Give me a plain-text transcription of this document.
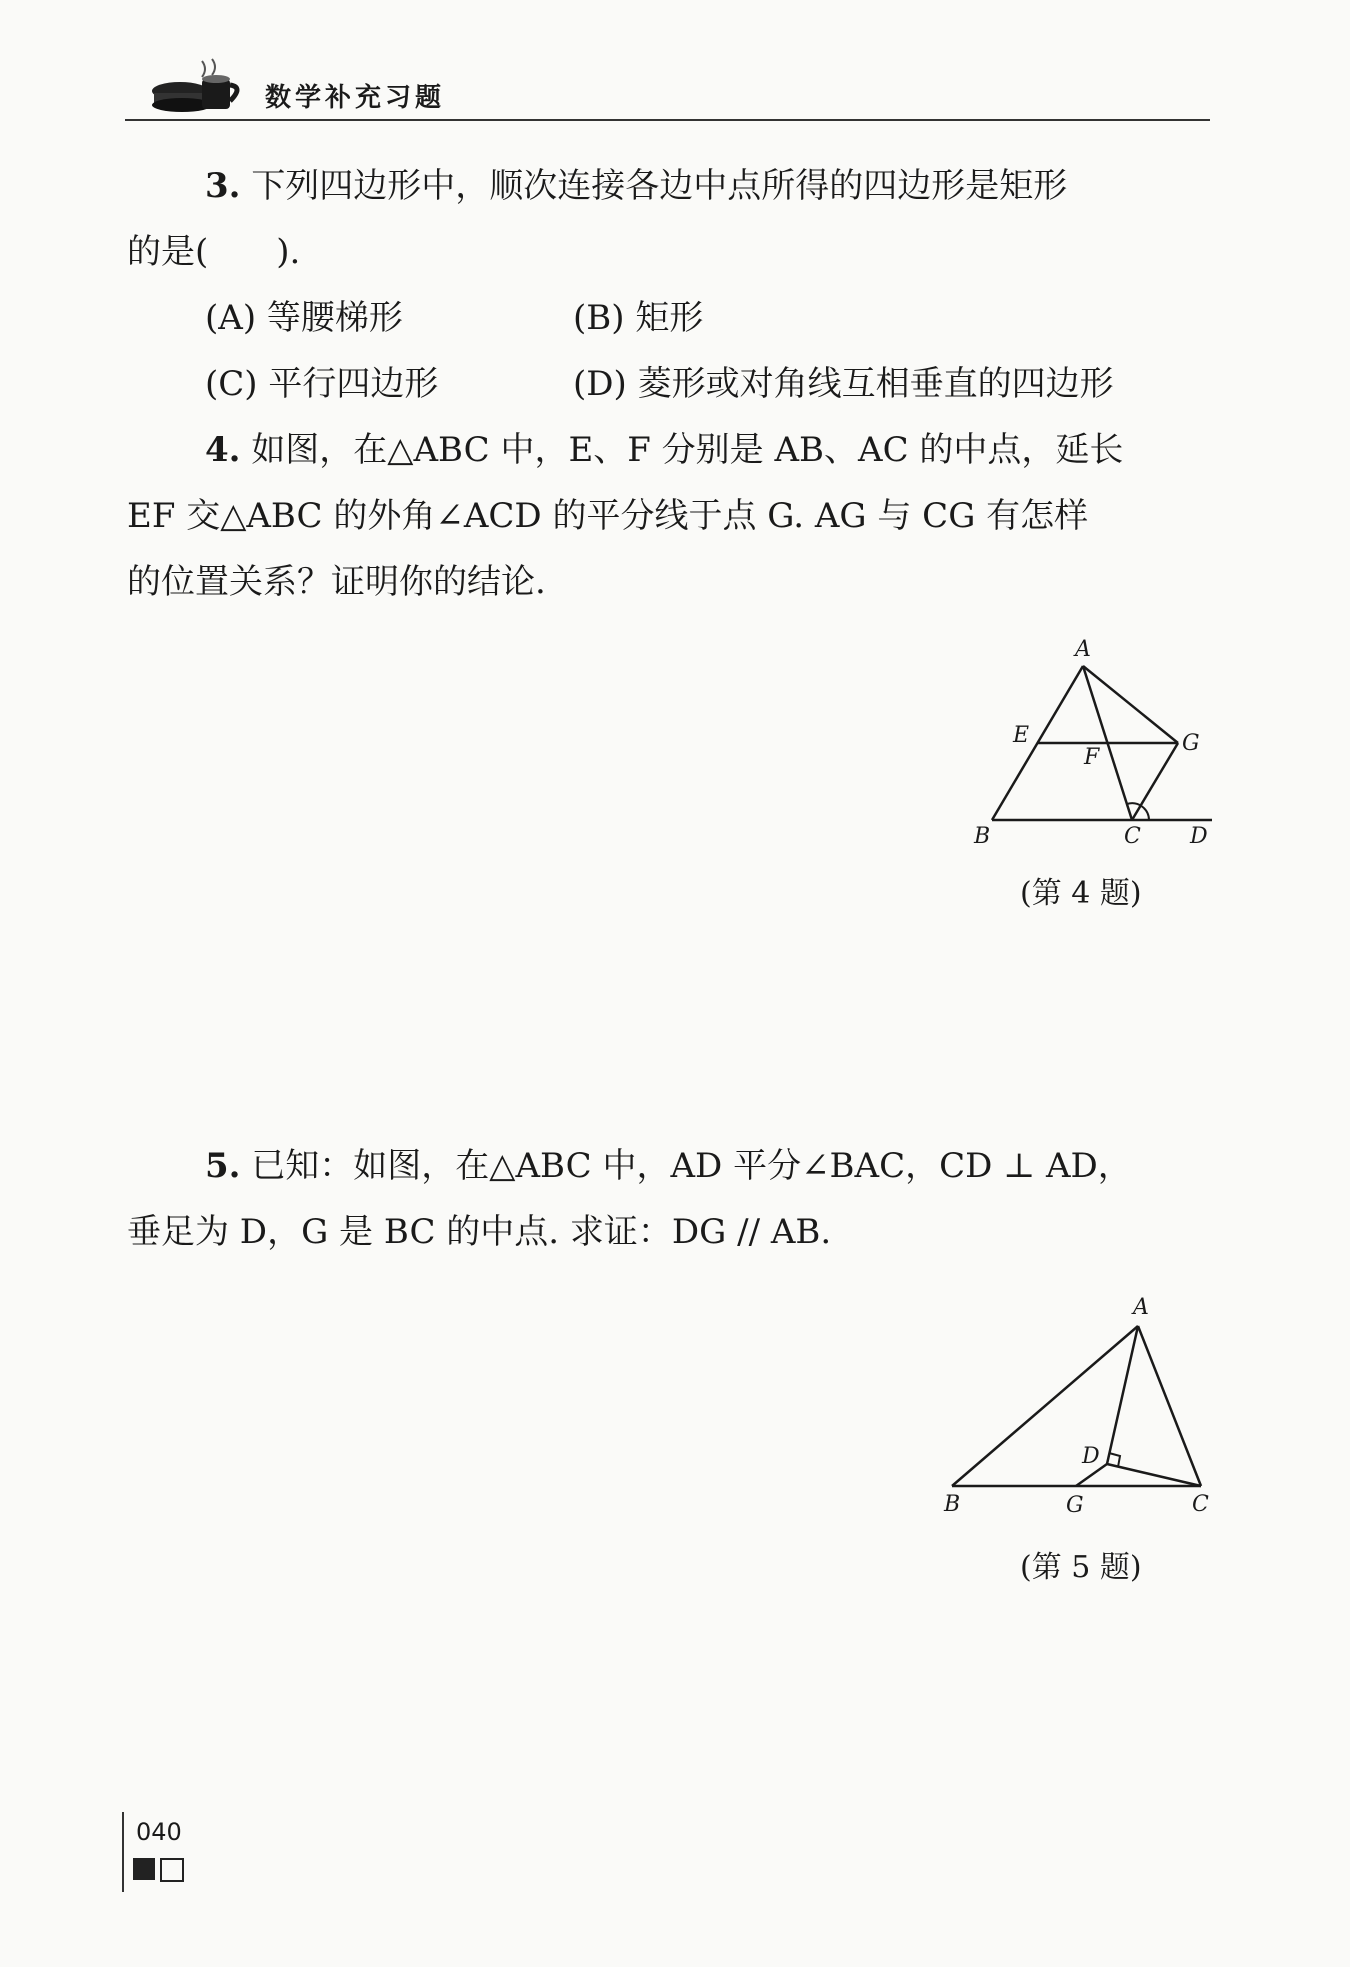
数学补充习题

3. 下列四边形中，顺次连接各边中点所得的四边形是矩形

的是(　　).

(A) 等腰梯形	(B) 矩形
(C) 平行四边形	(D) 菱形或对角线互相垂直的四边形

4. 如图，在△ABC 中，E、F 分别是 AB、AC 的中点，延长

EF 交△ABC 的外角∠ACD 的平分线于点 G. AG 与 CG 有怎样

的位置关系？证明你的结论.

A
E
F
G
B	C D
(第 4 题)

5. 已知：如图，在△ABC 中，AD 平分∠BAC，CD ⊥ AD，

垂足为 D，G 是 BC 的中点. 求证：DG // AB.

A
D
B	G	C
(第 5 题)
040
